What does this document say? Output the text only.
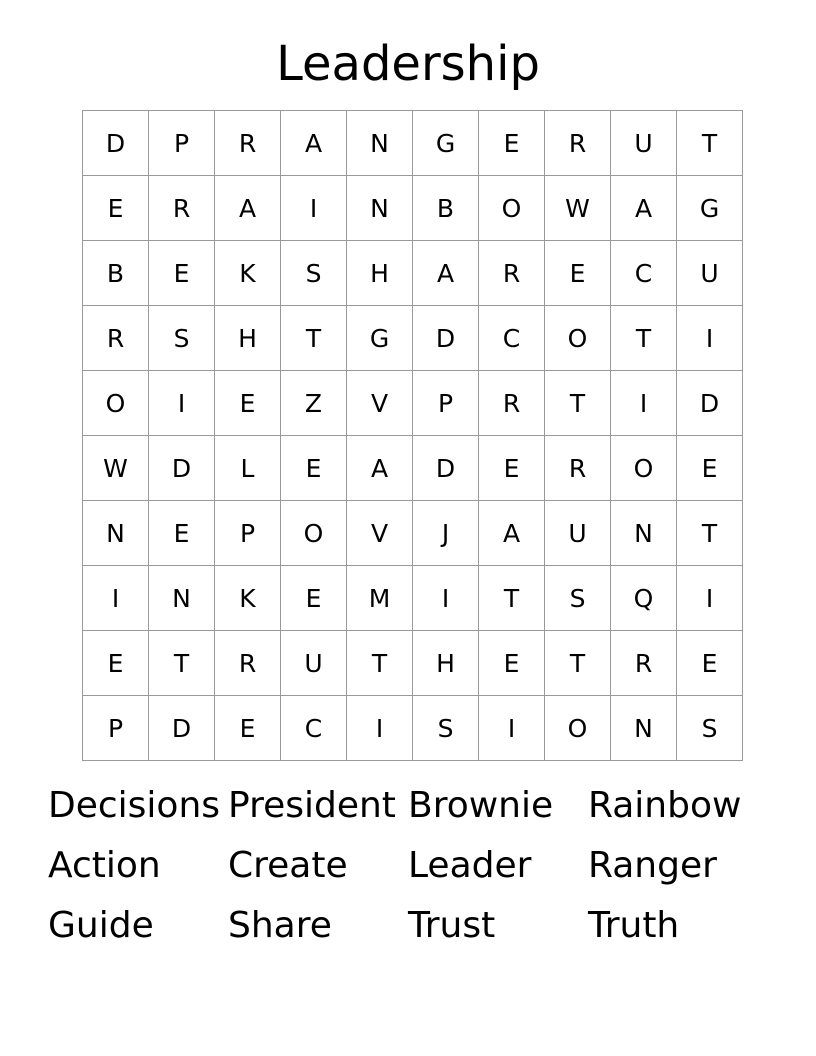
Leadership
D	P	R	A	N	G	E	R	U	T
E	R	A	I	N	B	O	W	A	G
B	E	K	S	H	A	R	E	C	U
R	S	H	T	G	D	C	O	T	I
O	I	E	Z	V	P	R	T	I	D
W	D	L	E	A	D	E	R	O	E
N	E	P	O	V	J	A	U	N	T
I	N	K	E	M	I	T	S	Q	I
E	T	R	U	T	H	E	T	R	E
P	D	E	C	I	S	I	O	N	S
Decisions President Brownie Rainbow
Action	Create	Leader	Ranger
Guide	Share	Trust	Truth
